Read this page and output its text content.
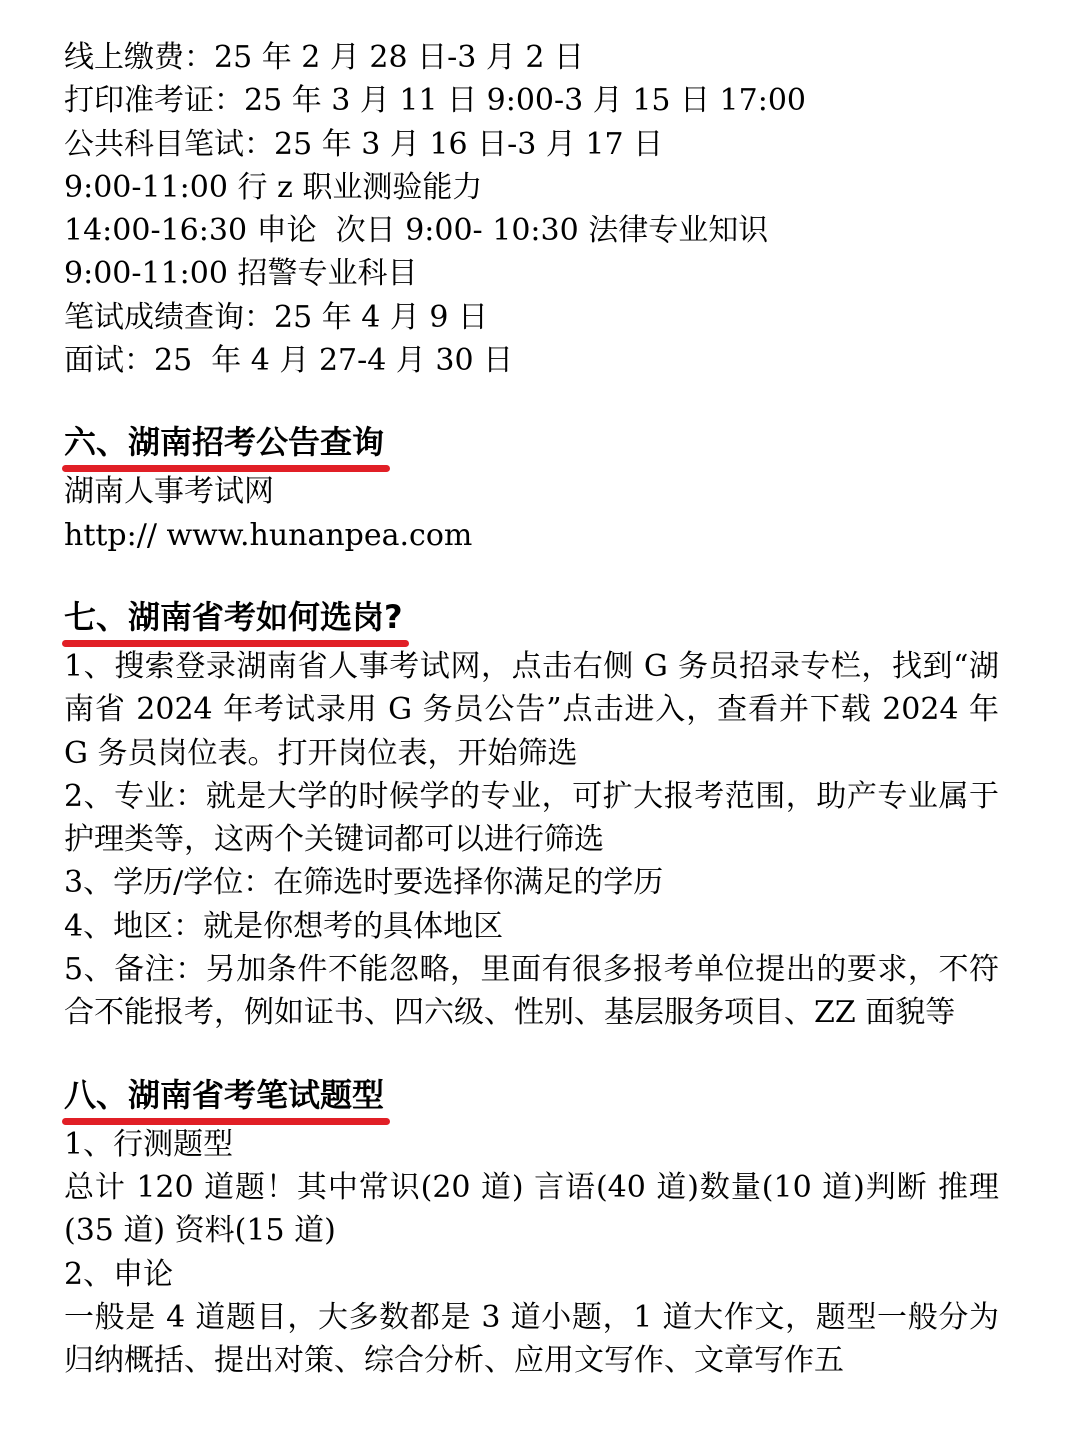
线上缴费：25 年 2 月 28 日-3 月 2 日
打印准考证：25 年 3 月 11 日 9:00-3 月 15 日 17:00
公共科目笔试：25 年 3 月 16 日-3 月 17 日
9:00-11:00 行 z 职业测验能力
14:00-16:30 申论  次日 9:00- 10:30 法律专业知识
9:00-11:00 招警专业科目
笔试成绩查询：25 年 4 月 9 日
面试：25  年 4 月 27-4 月 30 日
六、湖南招考公告查询
湖南人事考试网
http:// www.hunanpea.com
七、湖南省考如何选岗?
1、搜索登录湖南省人事考试网，点击右侧 G 务员招录专栏，找到“湖南省 2024 年考试录用 G 务员公告”点击进入，查看并下载 2024 年 G 务员岗位表。打开岗位表，开始筛选
2、专业：就是大学的时候学的专业，可扩大报考范围，助产专业属于护理类等，这两个关键词都可以进行筛选
3、学历/学位：在筛选时要选择你满足的学历
4、地区：就是你想考的具体地区
5、备注：另加条件不能忽略，里面有很多报考单位提出的要求，不符合不能报考，例如证书、四六级、性别、基层服务项目、ZZ 面貌等
八、湖南省考笔试题型
1、行测题型
总计 120 道题！其中常识(20 道) 言语(40 道)数量(10 道)判断 推理(35 道) 资料(15 道)
2、申论
一般是 4 道题目，大多数都是 3 道小题，1 道大作文，题型一般分为归纳概括、提出对策、综合分析、应用文写作、文章写作五
